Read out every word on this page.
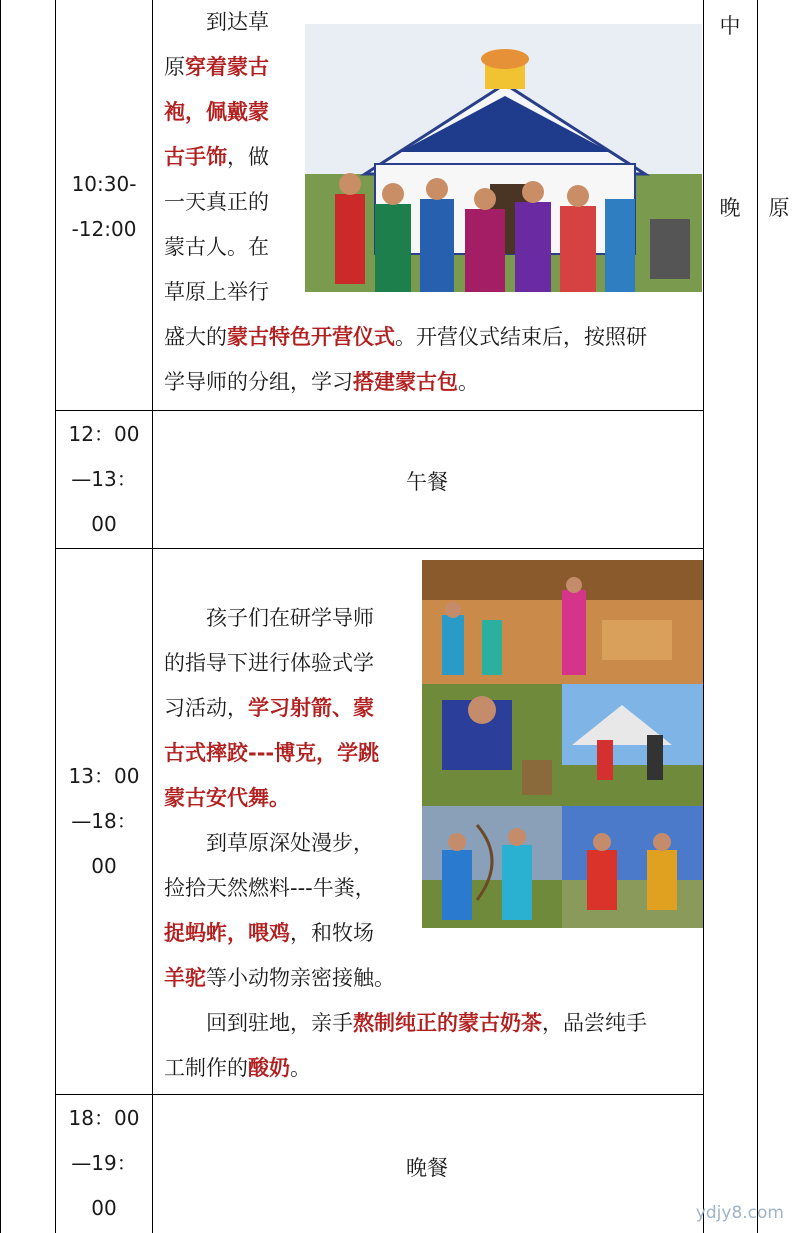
10:30-
-12:00
到达草
原穿着蒙古
袍，佩戴蒙
古手饰，做
一天真正的
蒙古人。在
草原上举行
盛大的蒙古特色开营仪式。开营仪式结束后，按照研
学导师的分组，学习搭建蒙古包。
12：00
—13：
00
午餐
13：00
—18：
00
孩子们在研学导师
的指导下进行体验式学
习活动，学习射箭、蒙
古式摔跤---博克，学跳
蒙古安代舞。
到草原深处漫步，
捡拾天然燃料---牛粪，
捉蚂蚱，喂鸡，和牧场
羊驼等小动物亲密接触。
回到驻地，亲手熬制纯正的蒙古奶茶，品尝纯手
工制作的酸奶。
18：00
—19：
00
晚餐
中
晚	原
ydjy8.com
